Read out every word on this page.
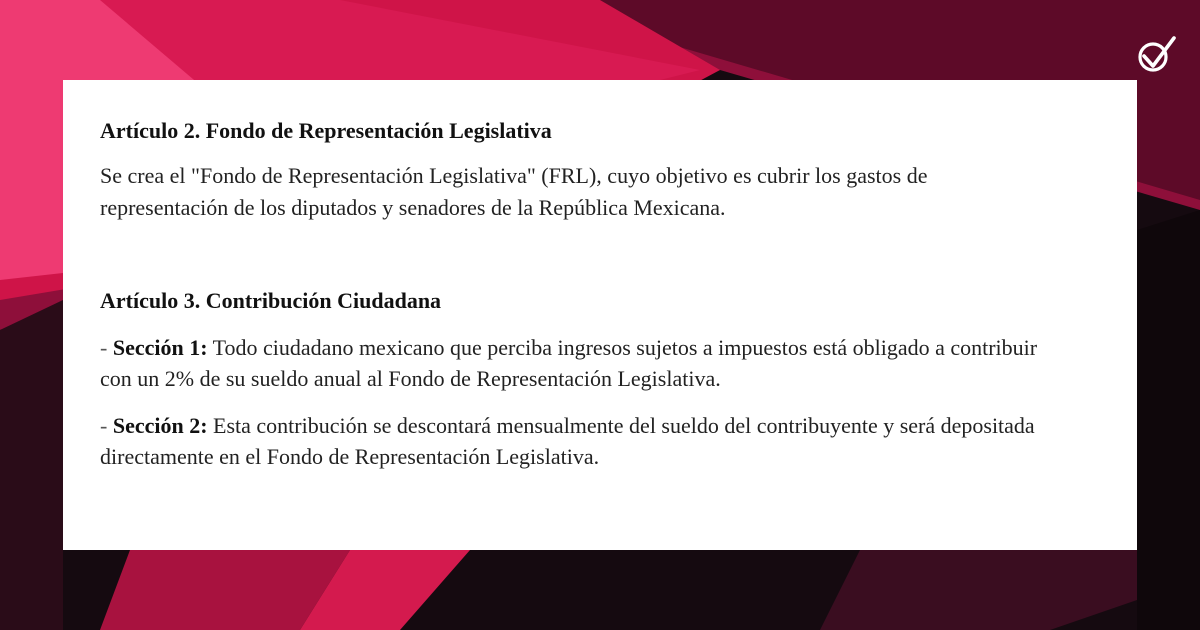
Artículo 2. Fondo de Representación Legislativa

Se crea el "Fondo de Representación Legislativa" (FRL), cuyo objetivo es cubrir los gastos de representación de los diputados y senadores de la República Mexicana.

Artículo 3. Contribución Ciudadana

- Sección 1: Todo ciudadano mexicano que perciba ingresos sujetos a impuestos está obligado a contribuir con un 2% de su sueldo anual al Fondo de Representación Legislativa.

- Sección 2: Esta contribución se descontará mensualmente del sueldo del contribuyente y será depositada directamente en el Fondo de Representación Legislativa.
